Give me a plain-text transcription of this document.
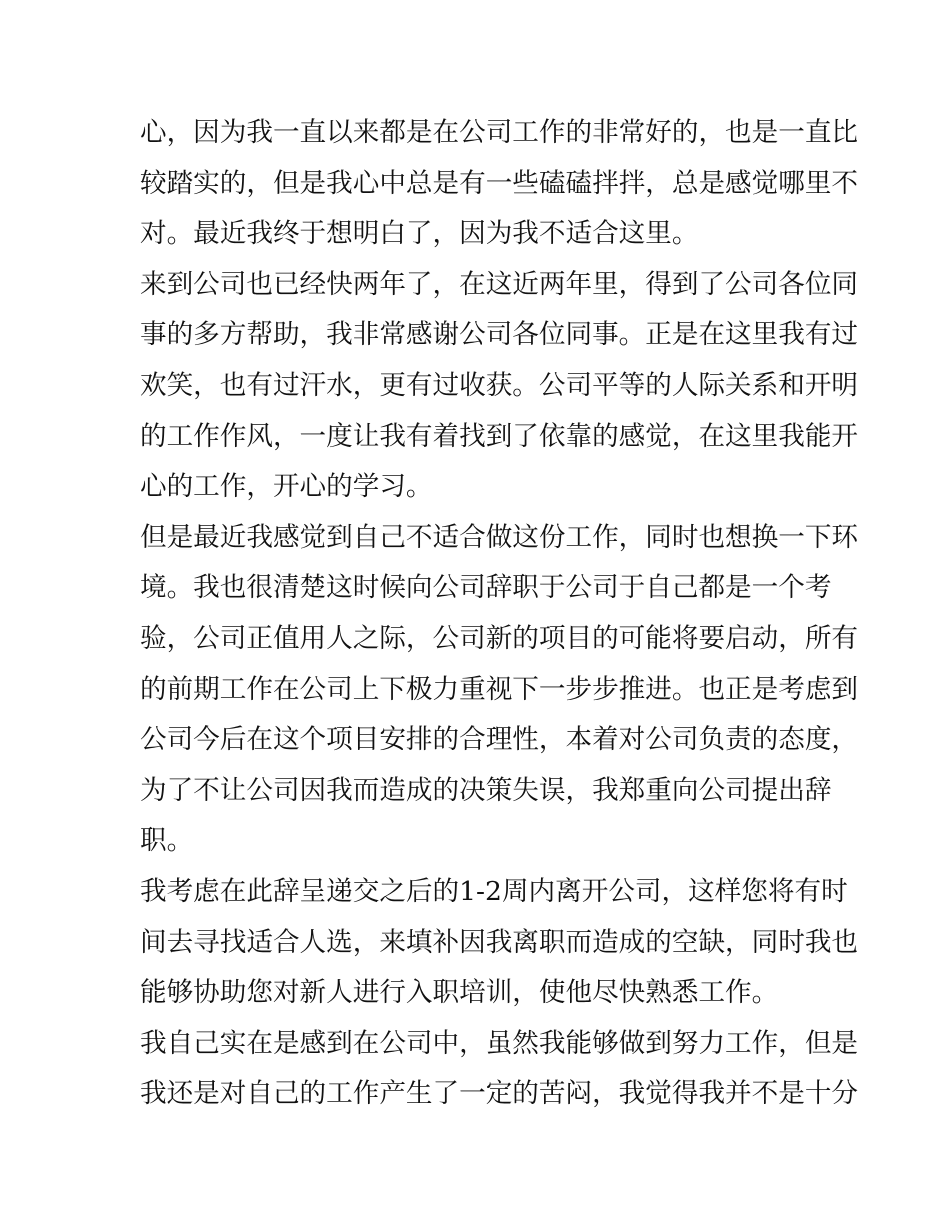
心，因为我一直以来都是在公司工作的非常好的，也是一直比
较踏实的，但是我心中总是有一些磕磕拌拌，总是感觉哪里不
对。最近我终于想明白了，因为我不适合这里。
来到公司也已经快两年了，在这近两年里，得到了公司各位同
事的多方帮助，我非常感谢公司各位同事。正是在这里我有过
欢笑，也有过汗水，更有过收获。公司平等的人际关系和开明
的工作作风，一度让我有着找到了依靠的感觉，在这里我能开
心的工作，开心的学习。
但是最近我感觉到自己不适合做这份工作，同时也想换一下环
境。我也很清楚这时候向公司辞职于公司于自己都是一个考
验，公司正值用人之际，公司新的项目的可能将要启动，所有
的前期工作在公司上下极力重视下一步步推进。也正是考虑到
公司今后在这个项目安排的合理性，本着对公司负责的态度，
为了不让公司因我而造成的决策失误，我郑重向公司提出辞
职。
我考虑在此辞呈递交之后的1-2周内离开公司，这样您将有时
间去寻找适合人选，来填补因我离职而造成的空缺，同时我也
能够协助您对新人进行入职培训，使他尽快熟悉工作。
我自己实在是感到在公司中，虽然我能够做到努力工作，但是
我还是对自己的工作产生了一定的苦闷，我觉得我并不是十分
